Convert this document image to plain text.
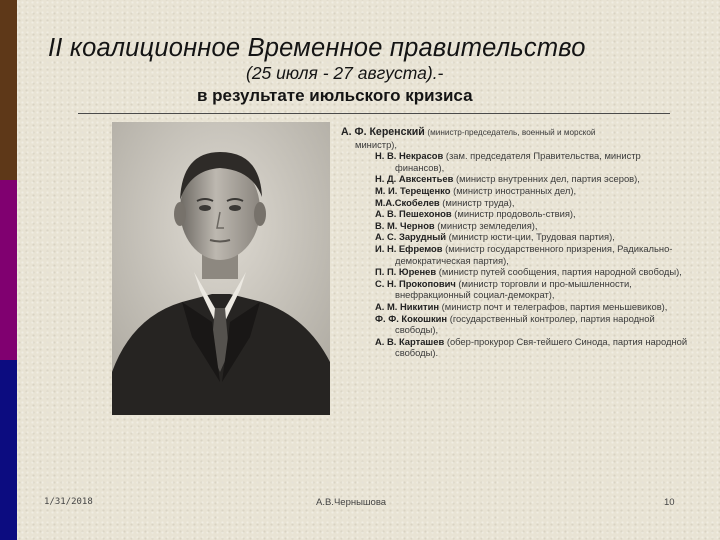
ІІ коалиционное Временное правительство
(25 июля - 27 августа).-
в результате июльского кризиса

А. Ф. Керенский (министр-председатель, военный и морской

министр),

Н. В. Некрасов (зам. председателя Правительства, министр финансов),

Н. Д. Авксентьев (министр внутренних дел, партия эсеров),

М. И. Терещенко (министр иностранных дел),

М.А.Скобелев (министр труда),

А. В. Пешехонов (министр продоволь-ствия),

В. М. Чернов (министр земледелия),

А. С. Зарудный (министр юсти-ции, Трудовая партия),

И. Н. Ефремов (министр государственного призрения, Радикально-демократическая партия),

П. П. Юренев (министр путей сообщения, партия народной свободы),

С. Н. Прокопович (министр торговли и про-мышленности, внефракционный социал-демократ),

А. М. Никитин (министр почт и телеграфов, партия меньшевиков),

Ф. Ф. Кокошкин (государственный контролер, партия народной свободы),

А. В. Карташев (обер-прокурор Свя-тейшего Синода, партия народной свободы).

1/31/2018	А.В.Чернышова	10
